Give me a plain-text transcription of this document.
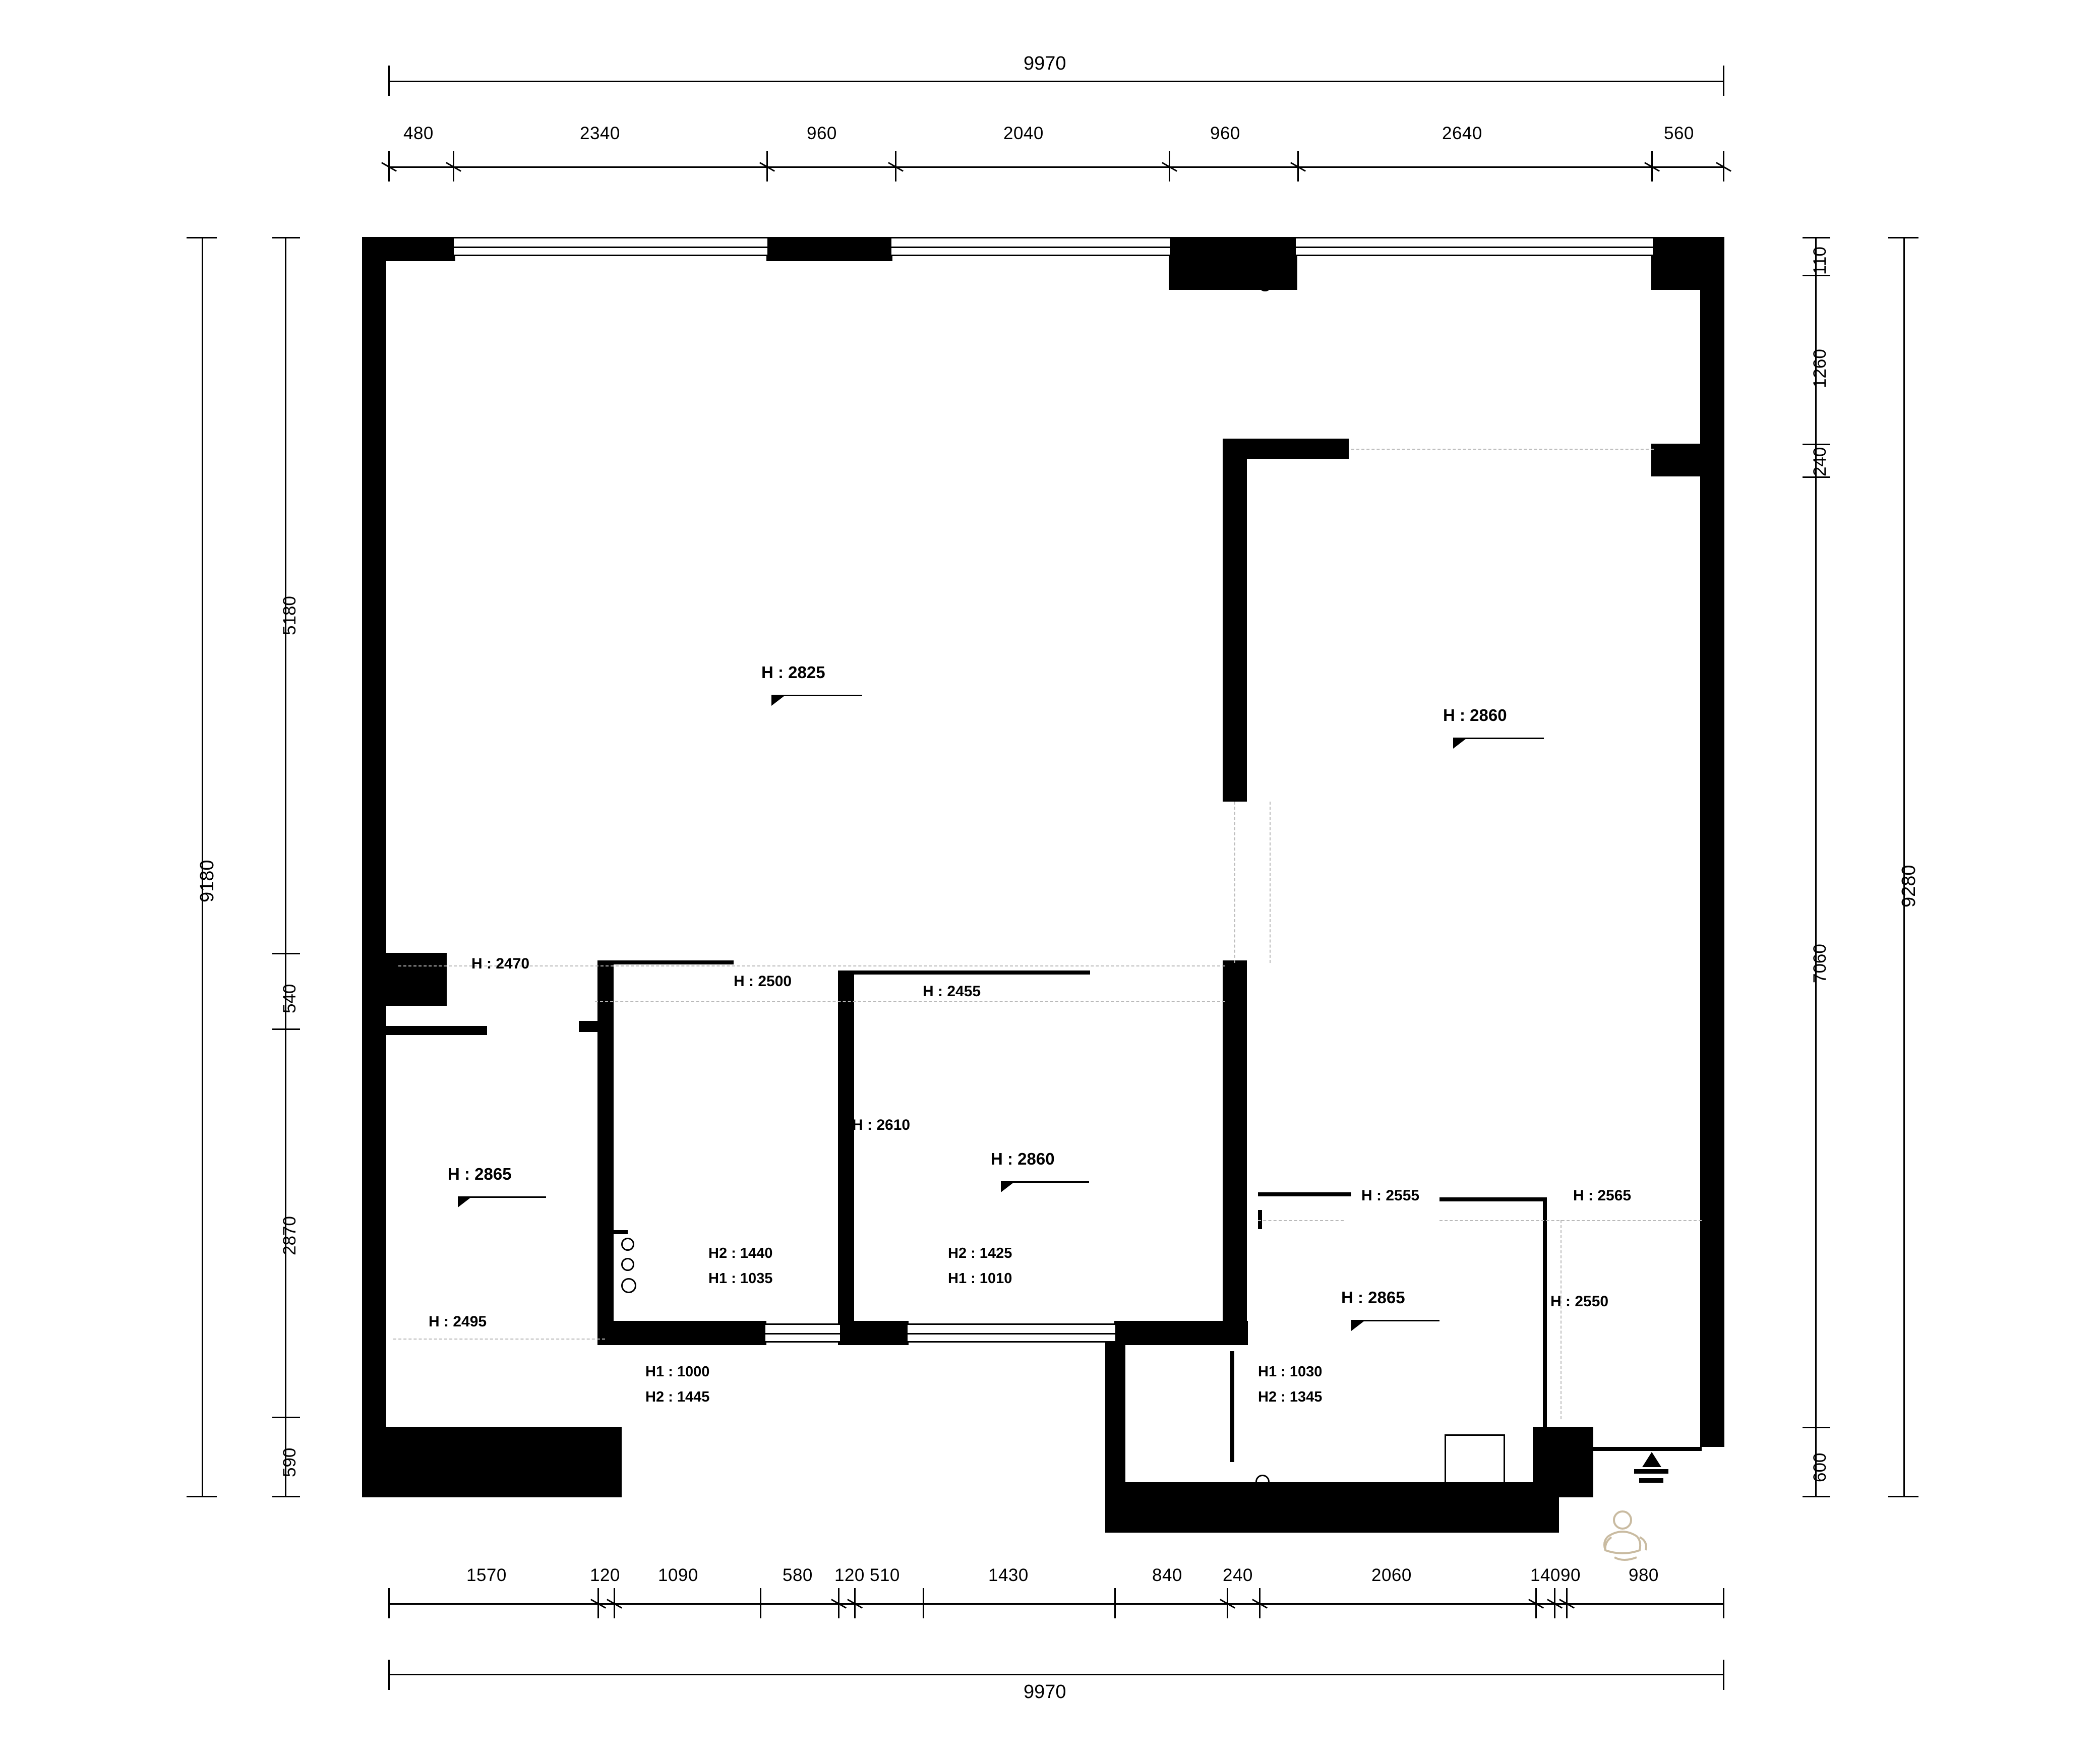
9970
480	2340	960	2040	960	2640	560
9180
5180
540
2870
590
110
1260
240
7060
600
9280
1570	120 1090	580 120 510	1430	840 240	2060	140 90	980
9970
H : 2825
H : 2860
H : 2865
H : 2860
H : 2865
H : 2470
H : 2500
H : 2455
H : 2610
H : 2495
H : 2555	H : 2565
H : 2550
H1 : 1000
H2 : 1445
H2 : 1440
H1 : 1035
H2 : 1425
H1 : 1010
H1 : 1030
H2 : 1345
